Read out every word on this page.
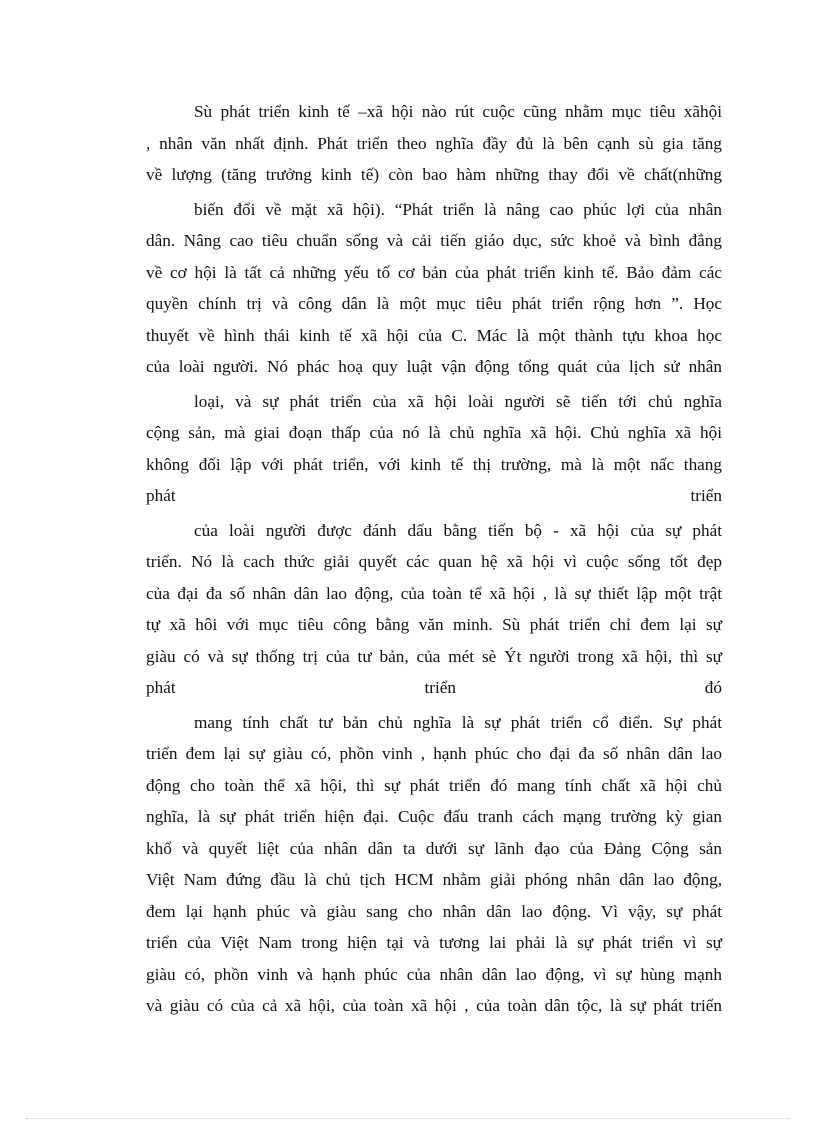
Sù phát triển kinh tế –xã hội nào rút cuộc cũng nhằm mục tiêu xãhội
, nhân văn nhất định. Phát triển theo nghĩa đầy đủ là bên cạnh sù gia tăng
về lượng (tăng trưởng kinh tế) còn bao hàm những thay đổi về chất(những
biến đổi về mặt xã hội). “Phát triển là nâng cao phúc lợi của nhân
dân. Nâng cao tiêu chuẩn sống và cải tiến giáo dục, sức khoẻ và bình đẳng
về cơ hội là tất cả những yếu tố cơ bản của phát triển kinh tế. Bảo đảm các
quyền chính trị và công dân là một mục tiêu phát triển rộng hơn ”. Học
thuyết về hình thái kinh tế xã hội của C. Mác là một thành tựu khoa học
của loài người. Nó phác hoạ quy luật vận động tổng quát của lịch sử nhân
loại, và sự phát triển của xã hội loài người sẽ tiến tới chủ nghĩa
cộng sản, mà giai đoạn thấp của nó là chủ nghĩa xã hội. Chủ nghĩa xã hội
không đối lập với phát triển, với kinh tế thị trường, mà là một nấc thang
phát triển
của loài người được đánh dấu bằng tiến bộ - xã hội của sự phát
triển. Nó là cach thức giải quyết các quan hệ xã hội vì cuộc sống tốt đẹp
của đại đa số nhân dân lao động, của toàn tể xã hội , là sự thiết lập một trật
tự xã hôi với mục tiêu công bằng văn minh. Sù phát triển chỉ đem lại sự
giàu có và sự thống trị của tư bản, của mét sè Ýt người trong xã hội, thì sự
phát triển đó
mang tính chất tư bản chủ nghĩa là sự phát triển cổ điển. Sự phát
triển đem lại sự giàu có, phồn vinh , hạnh phúc cho đại đa số nhân dân lao
động cho toàn thể xã hội, thì sự phát triển đó mang tính chất xã hội chủ
nghĩa, là sự phát triển hiện đại. Cuộc đấu tranh cách mạng trường kỳ gian
khổ và quyết liệt của nhân dân ta dưới sự lãnh đạo của Đảng Cộng sản
Việt Nam đứng đầu là chủ tịch HCM nhằm giải phóng nhân dân lao động,
đem lại hạnh phúc và giàu sang cho nhân dân lao động. Vì vậy, sự phát
triển của Việt Nam trong hiện tại và tương lai phải là sự phát triển vì sự
giàu có, phồn vinh và hạnh phúc của nhân dân lao động, vì sự hùng mạnh
và giàu có của cả xã hội, của toàn xã hội , của toàn dân tộc, là sự phát triển
